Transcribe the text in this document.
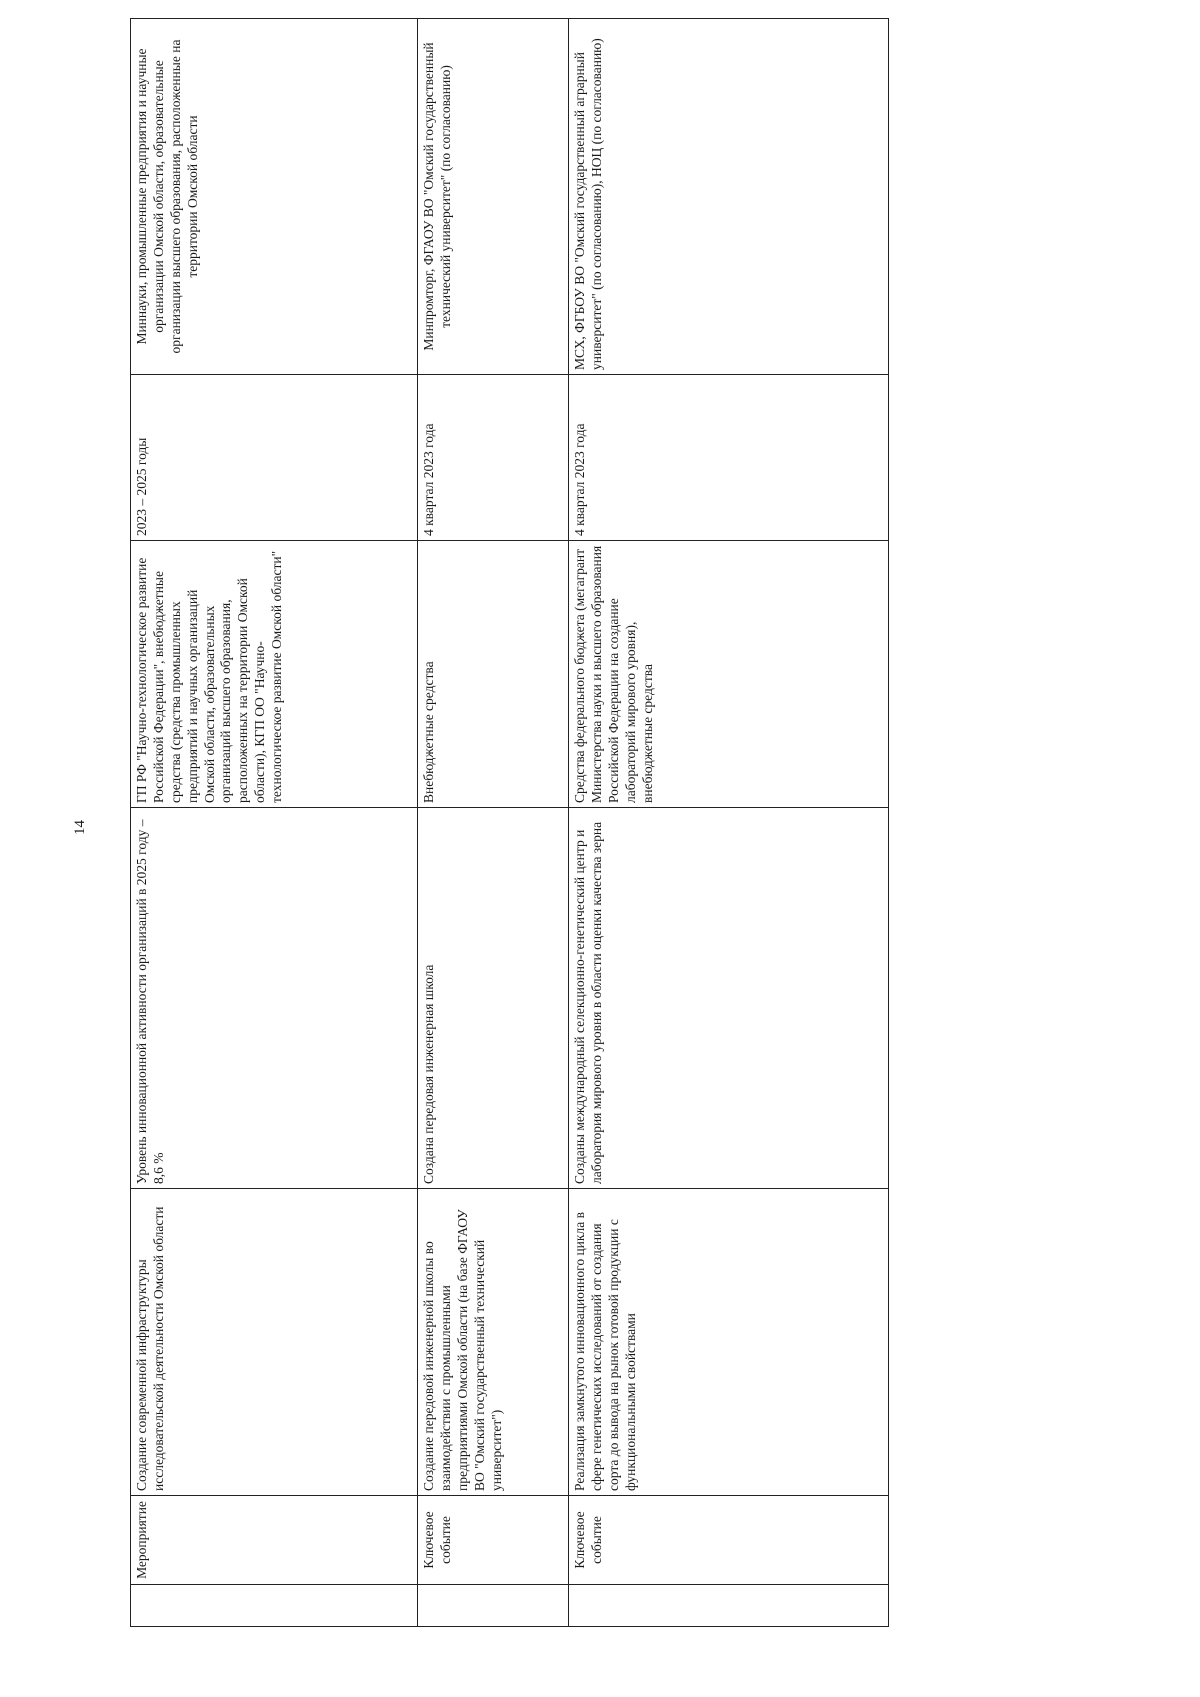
14
	Мероприятие	Создание современной инфраструктуры исследовательской деятельности Омской области	Уровень инновационной активности организаций в 2025 году – 8,6 %	ГП РФ "Научно-технологическое развитие Российской Федерации", внебюджетные средства (средства промышленных предприятий и научных организаций Омской области, образовательных организаций высшего образования, расположенных на территории Омской области), КГП ОО "Научно-технологическое развитие Омской области"	2023 – 2025 годы	Миннауки, промышленные предприятия и научные организации Омской области, образовательные организации высшего образования, расположенные на территории Омской области
	Ключевое событие	Создание передовой инженерной школы во взаимодействии с промышленными предприятиями Омской области (на базе ФГАОУ ВО "Омский государственный технический университет")	Создана передовая инженерная школа	Внебюджетные средства	4 квартал 2023 года	Минпромторг, ФГАОУ ВО "Омский государственный технический университет" (по согласованию)
	Ключевое событие	Реализация замкнутого инновационного цикла в сфере генетических исследований от создания сорта до вывода на рынок готовой продукции с функциональными свойствами	Созданы международный селекционно-генетический центр и лаборатория мирового уровня в области оценки качества зерна	Средства федерального бюджета (мегагрант Министерства науки и высшего образования Российской Федерации на создание лабораторий мирового уровня), внебюджетные средства	4 квартал 2023 года	МСХ, ФГБОУ ВО "Омский государственный аграрный университет" (по согласованию), НОЦ (по согласованию)
